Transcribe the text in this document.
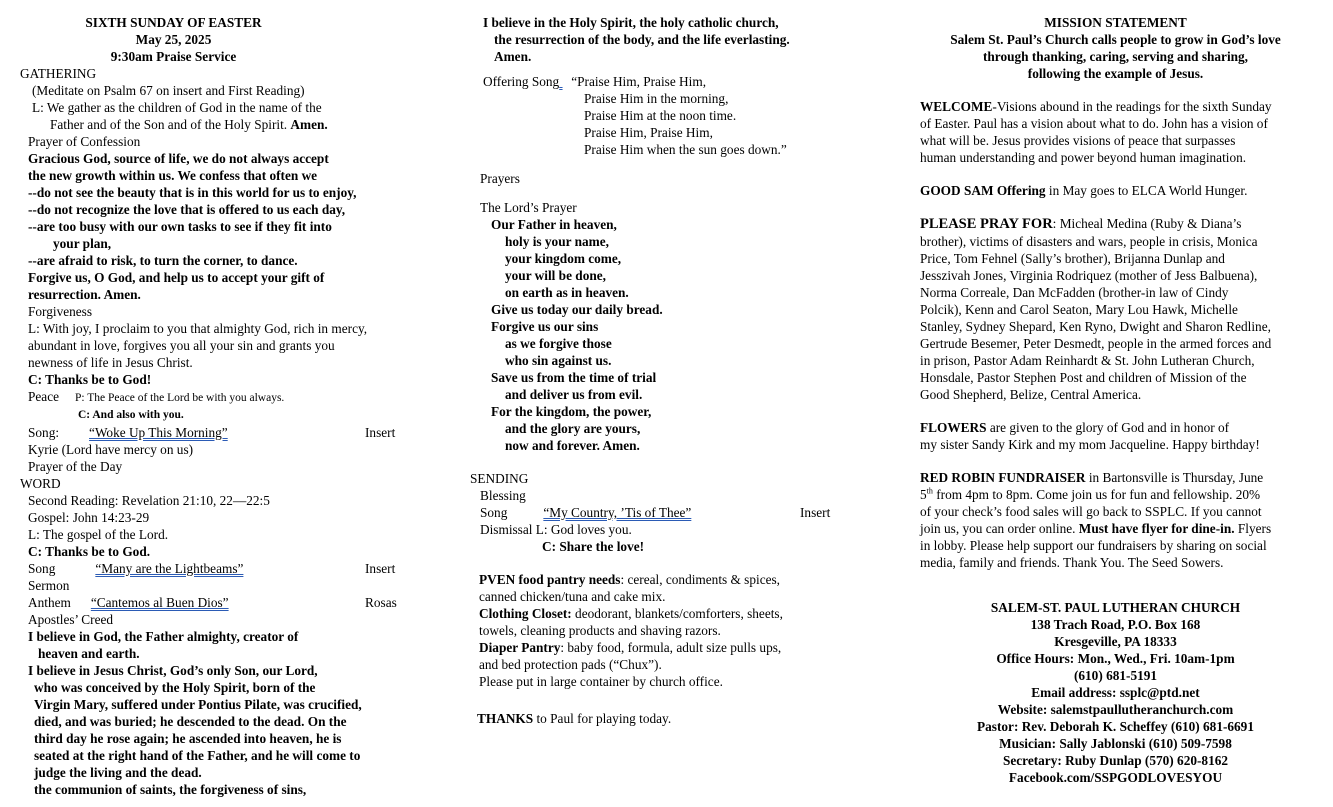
SIXTH SUNDAY OF EASTER
May 25, 2025
9:30am Praise Service
GATHERING
(Meditate on Psalm 67 on insert and First Reading)
L: We gather as the children of God in the name of the
Father and of the Son and of the Holy Spirit. Amen.
Prayer of Confession
Gracious God, source of life, we do not always accept
the new growth within us. We confess that often we
--do not see the beauty that is in this world for us to enjoy,
--do not recognize the love that is offered to us each day,
--are too busy with our own tasks to see if they fit into
your plan,
--are afraid to risk, to turn the corner, to dance.
Forgive us, O God, and help us to accept your gift of
resurrection. Amen.
Forgiveness
L: With joy, I proclaim to you that almighty God, rich in mercy,
abundant in love, forgives you all your sin and grants you
newness of life in Jesus Christ.
C: Thanks be to God!
Peace P: The Peace of the Lord be with you always.
C: And also with you.
Song: “Woke Up This Morning”	Insert
Kyrie (Lord have mercy on us)
Prayer of the Day
WORD
Second Reading: Revelation 21:10, 22—22:5
Gospel: John 14:23-29
L: The gospel of the Lord.
C: Thanks be to God.
Song	“Many are the Lightbeams”	Insert
Sermon
Anthem “Cantemos al Buen Dios”	Rosas
Apostles’ Creed
I believe in God, the Father almighty, creator of
heaven and earth.
I believe in Jesus Christ, God’s only Son, our Lord,
who was conceived by the Holy Spirit, born of the
Virgin Mary, suffered under Pontius Pilate, was crucified,
died, and was buried; he descended to the dead. On the
third day he rose again; he ascended into heaven, he is
seated at the right hand of the Father, and he will come to
judge the living and the dead.
the communion of saints, the forgiveness of sins,
I believe in the Holy Spirit, the holy catholic church,
the resurrection of the body, and the life everlasting.
Amen.
Offering Song “Praise Him, Praise Him,
Praise Him in the morning,
Praise Him at the noon time.
Praise Him, Praise Him,
Praise Him when the sun goes down.”
Prayers
The Lord’s Prayer
Our Father in heaven,
holy is your name,
your kingdom come,
your will be done,
on earth as in heaven.
Give us today our daily bread.
Forgive us our sins
as we forgive those
who sin against us.
Save us from the time of trial
and deliver us from evil.
For the kingdom, the power,
and the glory are yours,
now and forever. Amen.
SENDING
Blessing
Song	“My Country, ’Tis of Thee”	Insert
Dismissal L: God loves you.
C: Share the love!
PVEN food pantry needs: cereal, condiments & spices,
canned chicken/tuna and cake mix.
Clothing Closet: deodorant, blankets/comforters, sheets,
towels, cleaning products and shaving razors.
Diaper Pantry: baby food, formula, adult size pulls ups,
and bed protection pads (“Chux”).
Please put in large container by church office.
THANKS to Paul for playing today.
MISSION STATEMENT
Salem St. Paul’s Church calls people to grow in God’s love
through thanking, caring, serving and sharing,
following the example of Jesus.
WELCOME-Visions abound in the readings for the sixth Sunday
of Easter. Paul has a vision about what to do. John has a vision of
what will be. Jesus provides visions of peace that surpasses
human understanding and power beyond human imagination.
GOOD SAM Offering in May goes to ELCA World Hunger.
PLEASE PRAY FOR: Micheal Medina (Ruby & Diana’s
brother), victims of disasters and wars, people in crisis, Monica
Price, Tom Fehnel (Sally’s brother), Brijanna Dunlap and
Jesszivah Jones, Virginia Rodriquez (mother of Jess Balbuena),
Norma Correale, Dan McFadden (brother-in law of Cindy
Polcik), Kenn and Carol Seaton, Mary Lou Hawk, Michelle
Stanley, Sydney Shepard, Ken Ryno, Dwight and Sharon Redline,
Gertrude Besemer, Peter Desmedt, people in the armed forces and
in prison, Pastor Adam Reinhardt & St. John Lutheran Church,
Honsdale, Pastor Stephen Post and children of Mission of the
Good Shepherd, Belize, Central America.
FLOWERS are given to the glory of God and in honor of
my sister Sandy Kirk and my mom Jacqueline. Happy birthday!
RED ROBIN FUNDRAISER in Bartonsville is Thursday, June
5th from 4pm to 8pm. Come join us for fun and fellowship. 20%
of your check’s food sales will go back to SSPLC. If you cannot
join us, you can order online. Must have flyer for dine-in. Flyers
in lobby. Please help support our fundraisers by sharing on social
media, family and friends. Thank You. The Seed Sowers.
SALEM-ST. PAUL LUTHERAN CHURCH
138 Trach Road, P.O. Box 168
Kresgeville, PA 18333
Office Hours: Mon., Wed., Fri. 10am-1pm
(610) 681-5191
Email address: ssplc@ptd.net
Website: salemstpaullutheranchurch.com
Pastor: Rev. Deborah K. Scheffey (610) 681-6691
Musician: Sally Jablonski (610) 509-7598
Secretary: Ruby Dunlap (570) 620-8162
Facebook.com/SSPGODLOVESYOU
